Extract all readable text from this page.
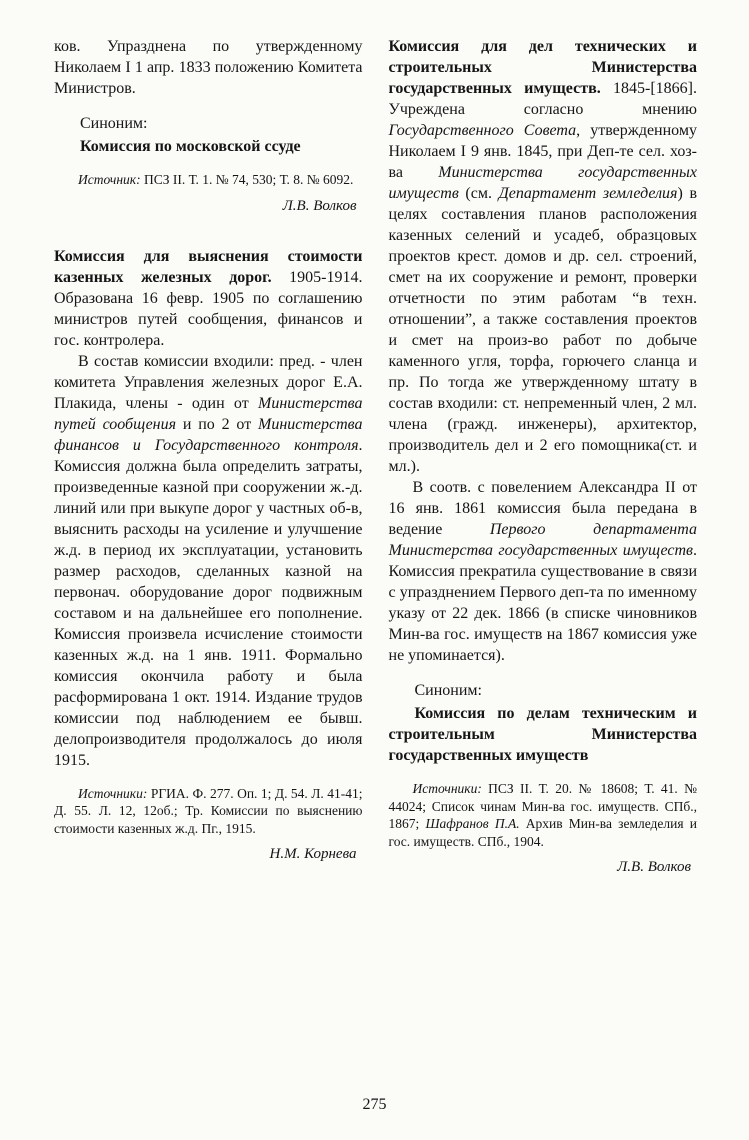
ков. Упразднена по утвержденному Николаем I 1 апр. 1833 положению Комитета Министров.

Синоним:

Комиссия по московской ссуде

Источник: ПСЗ II. Т. 1. № 74, 530; Т. 8. № 6092.

Л.В. Волков

Комиссия для выяснения стоимости казенных железных дорог. 1905-1914. Образована 16 февр. 1905 по соглашению министров путей сообщения, финансов и гос. контролера.

В состав комиссии входили: пред. - член комитета Управления железных дорог Е.А. Плакида, члены - один от Министерства путей сообщения и по 2 от Министерства финансов и Государственного контроля. Комиссия должна была определить затраты, произведенные казной при сооружении ж.-д. линий или при выкупе дорог у частных об-в, выяснить расходы на усиление и улучшение ж.д. в период их эксплуатации, установить размер расходов, сделанных казной на первонач. оборудование дорог подвижным составом и на дальнейшее его пополнение. Комиссия произвела исчисление стоимости казенных ж.д. на 1 янв. 1911. Формально комиссия окончила работу и была расформирована 1 окт. 1914. Издание трудов комиссии под наблюдением ее бывш. делопроизводителя продолжалось до июля 1915.

Источники: РГИА. Ф. 277. Оп. 1; Д. 54. Л. 41-41; Д. 55. Л. 12, 12об.; Тр. Комиссии по выяснению стоимости казенных ж.д. Пг., 1915.

Н.М. Корнева

Комиссия для дел технических и строительных Министерства государственных имуществ. 1845-[1866]. Учреждена согласно мнению Государственного Совета, утвержденному Николаем I 9 янв. 1845, при Деп-те сел. хоз-ва Министерства государственных имуществ (см. Департамент земледелия) в целях составления планов расположения казенных селений и усадеб, образцовых проектов крест. домов и др. сел. строений, смет на их сооружение и ремонт, проверки отчетности по этим работам “в техн. отношении”, а также составления проектов и смет на произ-во работ по добыче каменного угля, торфа, горючего сланца и пр. По тогда же утвержденному штату в состав входили: ст. непременный член, 2 мл. члена (гражд. инженеры), архитектор, производитель дел и 2 его помощника(ст. и мл.).

В соотв. с повелением Александра II от 16 янв. 1861 комиссия была передана в ведение Первого департамента Министерства государственных имуществ. Комиссия прекратила существование в связи с упразднением Первого деп-та по именному указу от 22 дек. 1866 (в списке чиновников Мин-ва гос. имуществ на 1867 комиссия уже не упоминается).

Синоним:

Комиссия по делам техническим и строительным Министерства государственных имуществ

Источники: ПСЗ II. Т. 20. № 18608; Т. 41. № 44024; Список чинам Мин-ва гос. имуществ. СПб., 1867; Шафранов П.А. Архив Мин-ва земледелия и гос. имуществ. СПб., 1904.

Л.В. Волков

275
